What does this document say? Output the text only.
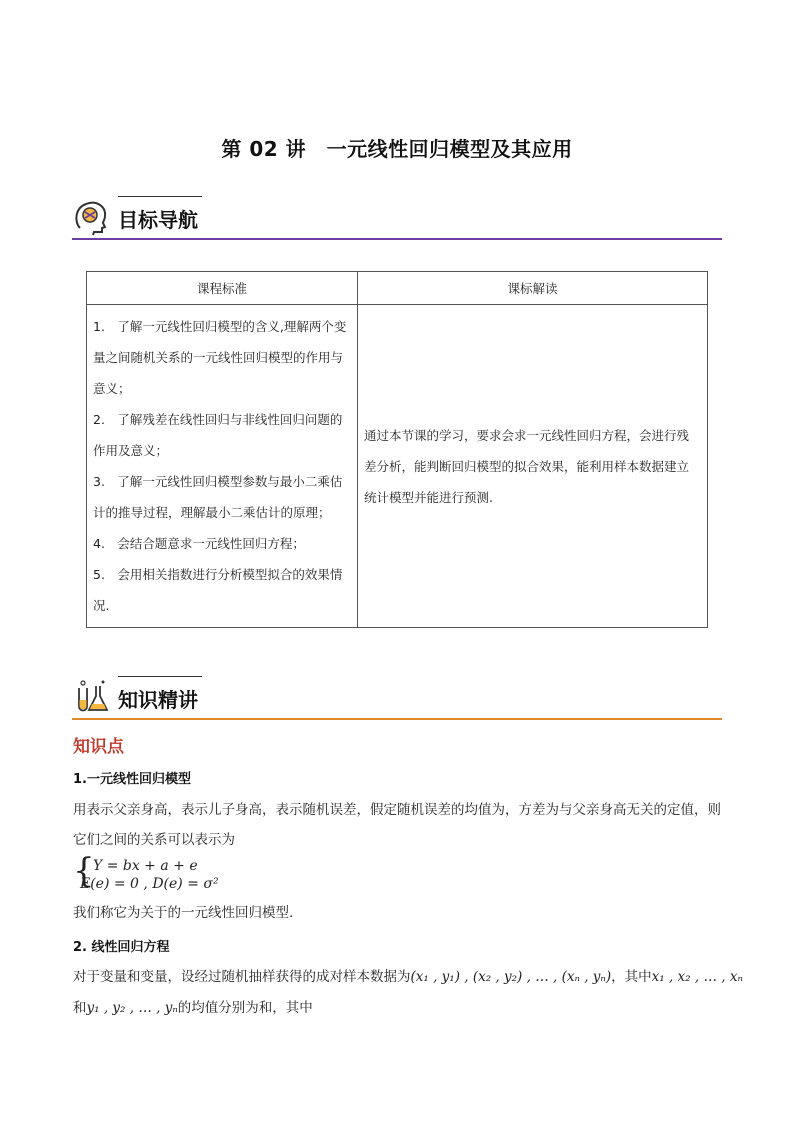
第 02 讲　一元线性回归模型及其应用
目标导航
课程标准	课标解读

1.　了解一元线性回归模型的含义,理解两个变量之间随机关系的一元线性回归模型的作用与意义；

2.　了解残差在线性回归与非线性回归问题的作用及意义；

3.　了解一元线性回归模型参数与最小二乘估计的推导过程，理解最小二乘估计的原理；

4.　会结合题意求一元线性回归方程；

5.　会用相关指数进行分析模型拟合的效果情况.	通过本节课的学习，要求会求一元线性回归方程，会进行残差分析，能判断回归模型的拟合效果，能利用样本数据建立统计模型并能进行预测.
知识精讲
知识点
1.一元线性回归模型
用表示父亲身高，表示儿子身高，表示随机误差，假定随机误差的均值为，方差为与父亲身高无关的定值，则它们之间的关系可以表示为
{
Y = bx + a + e
E(e) = 0 , D(e) = σ²
我们称它为关于的一元线性回归模型.
2. 线性回归方程
对于变量和变量，设经过随机抽样获得的成对样本数据为(x₁ , y₁) , (x₂ , y₂) , … , (xₙ , yₙ)，其中x₁ , x₂ , … , xₙ
和y₁ , y₂ , … , yₙ的均值分别为和，其中
